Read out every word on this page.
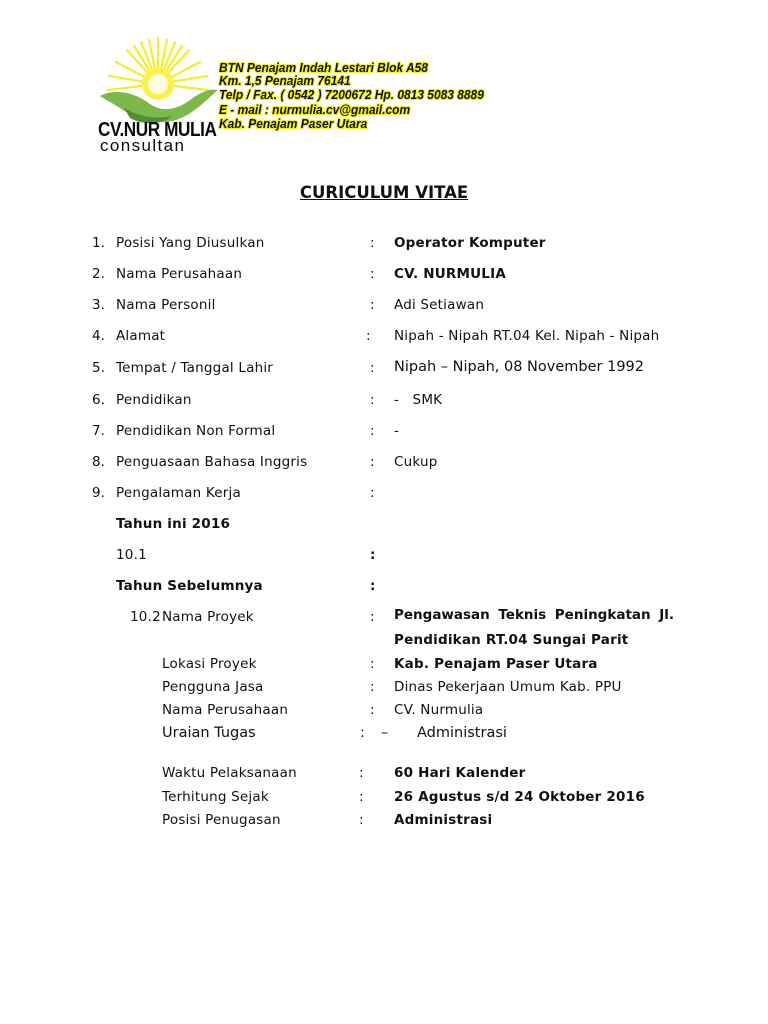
CV.NUR MULIA
consultan
BTN Penajam Indah Lestari Blok A58
Km. 1,5 Penajam 76141
Telp / Fax. ( 0542 ) 7200672 Hp. 0813 5083 8889
E - mail : nurmulia.cv@gmail.com
Kab. Penajam Paser Utara
CURICULUM VITAE
1. Posisi Yang Diusulkan	: Operator Komputer
2. Nama Perusahaan	: CV. NURMULIA
3. Nama Personil	: Adi Setiawan
4. Alamat	: Nipah - Nipah RT.04 Kel. Nipah - Nipah
5. Tempat / Tanggal Lahir	: Nipah – Nipah, 08 November 1992
6. Pendidikan	: -   SMK
7. Pendidikan Non Formal	: -
8. Penguasaan Bahasa Inggris	: Cukup
9. Pengalaman Kerja	:
Tahun ini 2016
10.1	:
Tahun Sebelumnya	:
10.2 Nama Proyek	: Pengawasan Teknis Peningkatan Jl.
Pendidikan RT.04 Sungai Parit
Lokasi Proyek	: Kab. Penajam Paser Utara
Pengguna Jasa	: Dinas Pekerjaan Umum Kab. PPU
Nama Perusahaan	: CV. Nurmulia
Uraian Tugas	: – Administrasi
Waktu Pelaksanaan	: 60 Hari Kalender
Terhitung Sejak	: 26 Agustus s/d 24 Oktober 2016
Posisi Penugasan	: Administrasi
